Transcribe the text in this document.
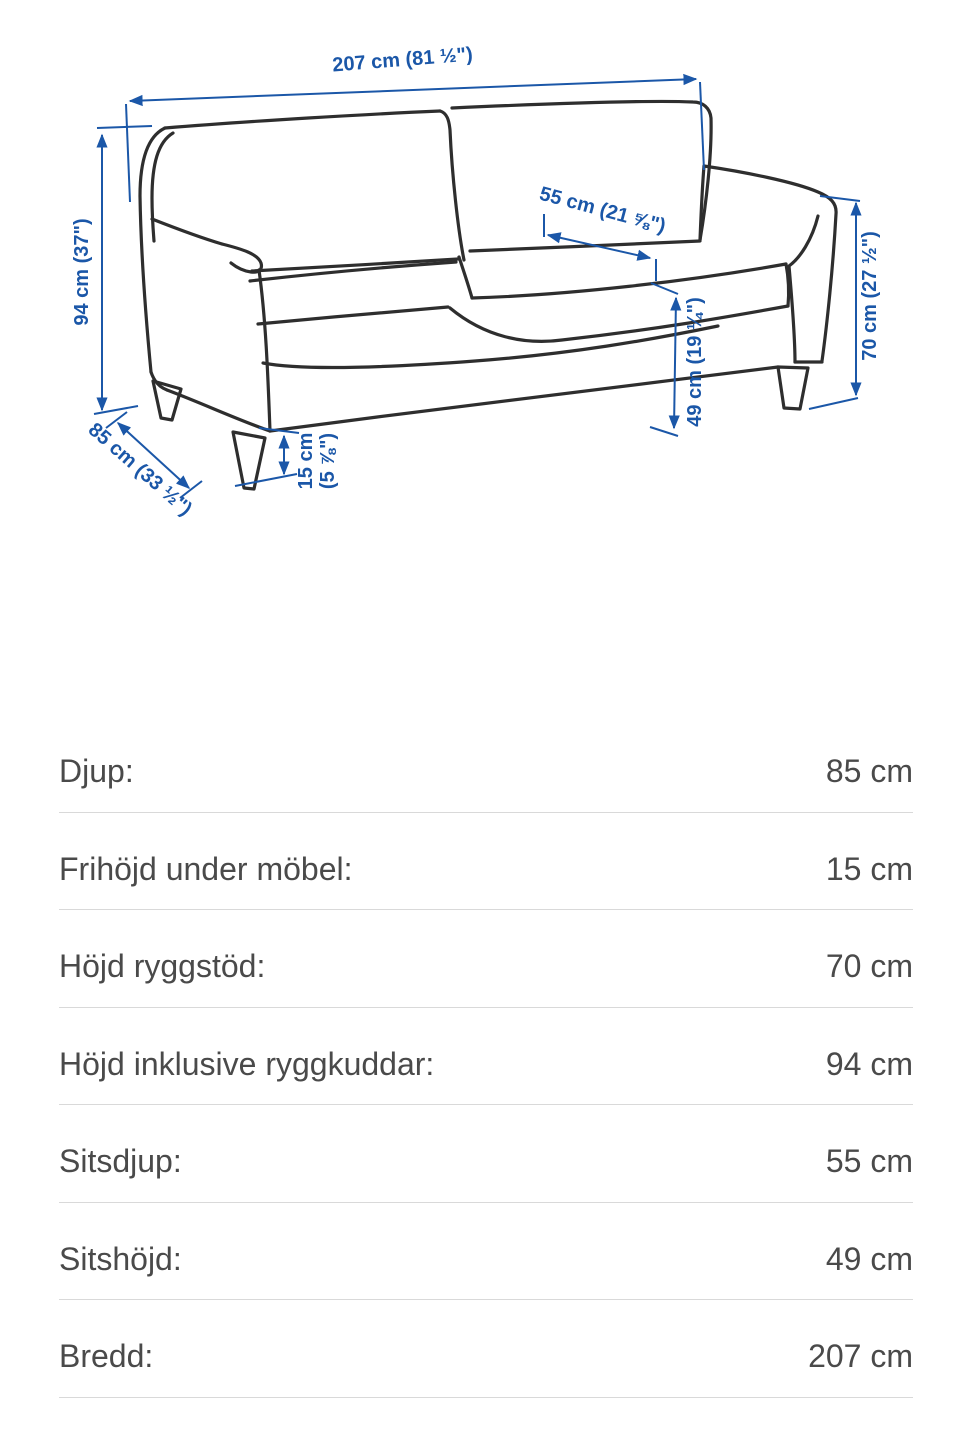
207 cm (81 ½")
94 cm (37")
85 cm (33 ½")	15 cm (5 ⅞")
55 cm (21 ⅝")
49 cm (19 ¼")
70 cm (27 ½")
Djup:	85 cm
Frihöjd under möbel:	15 cm
Höjd ryggstöd:	70 cm
Höjd inklusive ryggkuddar:	94 cm
Sitsdjup:	55 cm
Sitshöjd:	49 cm
Bredd:	207 cm
